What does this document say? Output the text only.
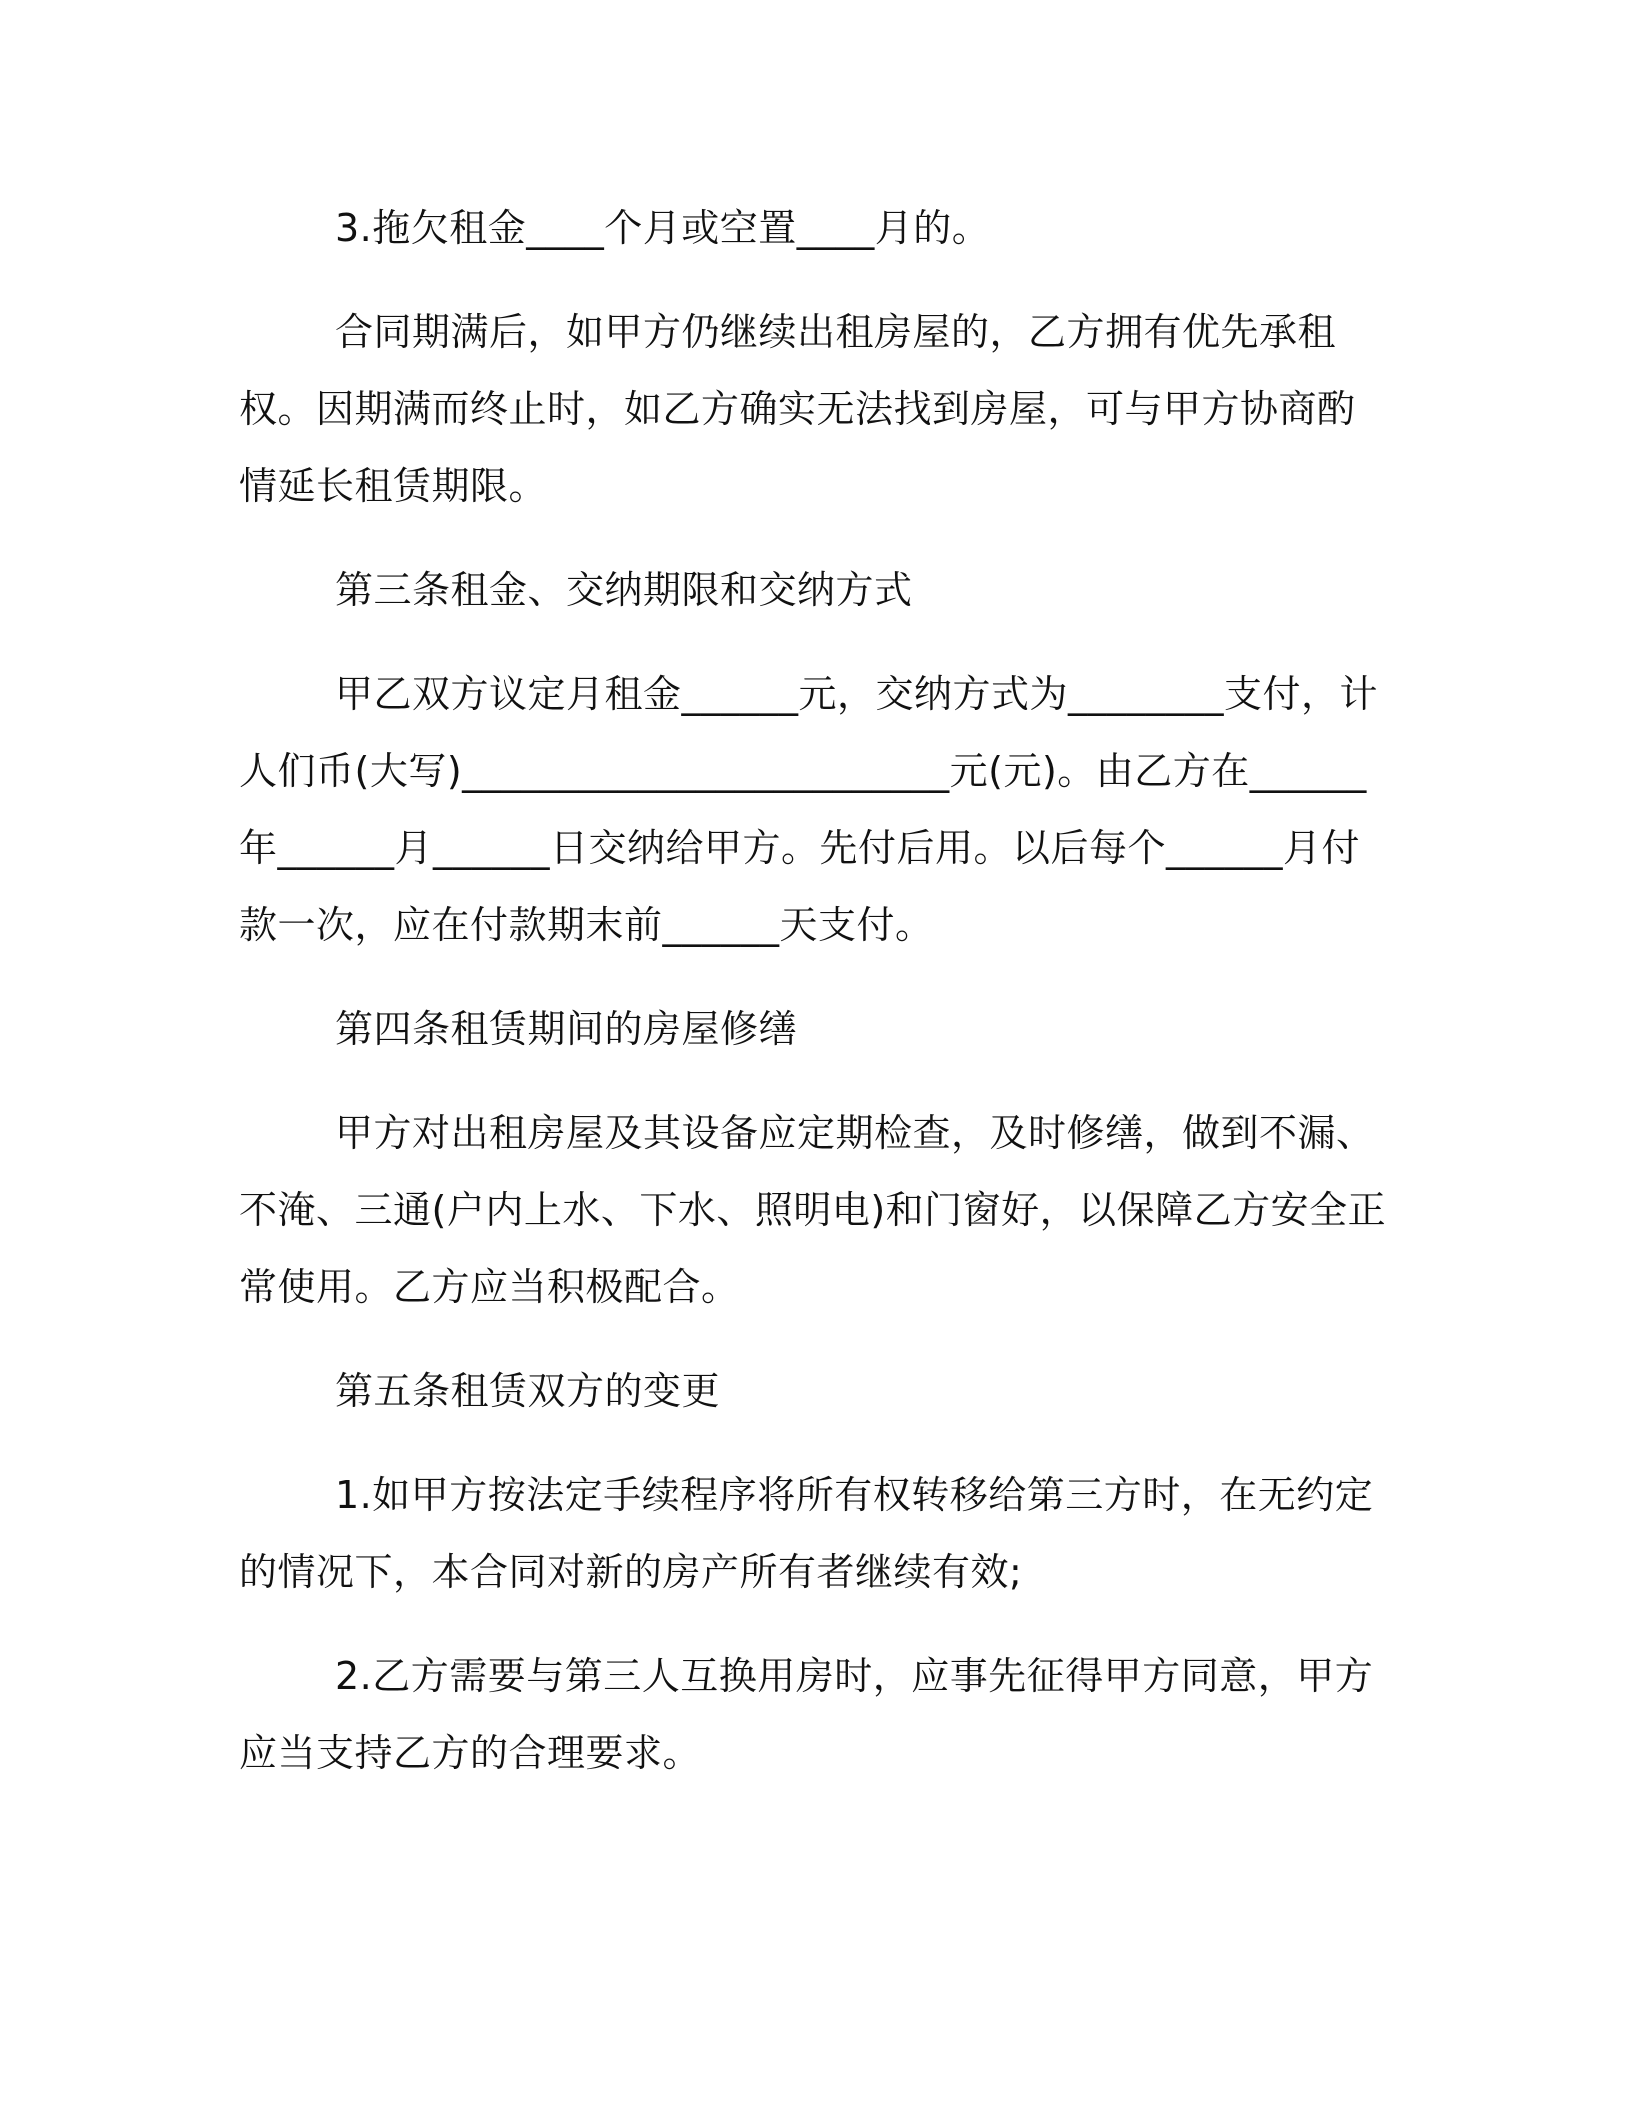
3.拖欠租金____个月或空置____月的。

合同期满后，如甲方仍继续出租房屋的，乙方拥有优先承租权。因期满而终止时，如乙方确实无法找到房屋，可与甲方协商酌情延长租赁期限。

第三条租金、交纳期限和交纳方式

甲乙双方议定月租金______元，交纳方式为________支付，计人们币(大写)_________________________元(元)。由乙方在______年______月______日交纳给甲方。先付后用。以后每个______月付款一次，应在付款期末前______天支付。

第四条租赁期间的房屋修缮

甲方对出租房屋及其设备应定期检查，及时修缮，做到不漏、不淹、三通(户内上水、下水、照明电)和门窗好，以保障乙方安全正常使用。乙方应当积极配合。

第五条租赁双方的变更

1.如甲方按法定手续程序将所有权转移给第三方时，在无约定的情况下，本合同对新的房产所有者继续有效;

2.乙方需要与第三人互换用房时，应事先征得甲方同意，甲方应当支持乙方的合理要求。
